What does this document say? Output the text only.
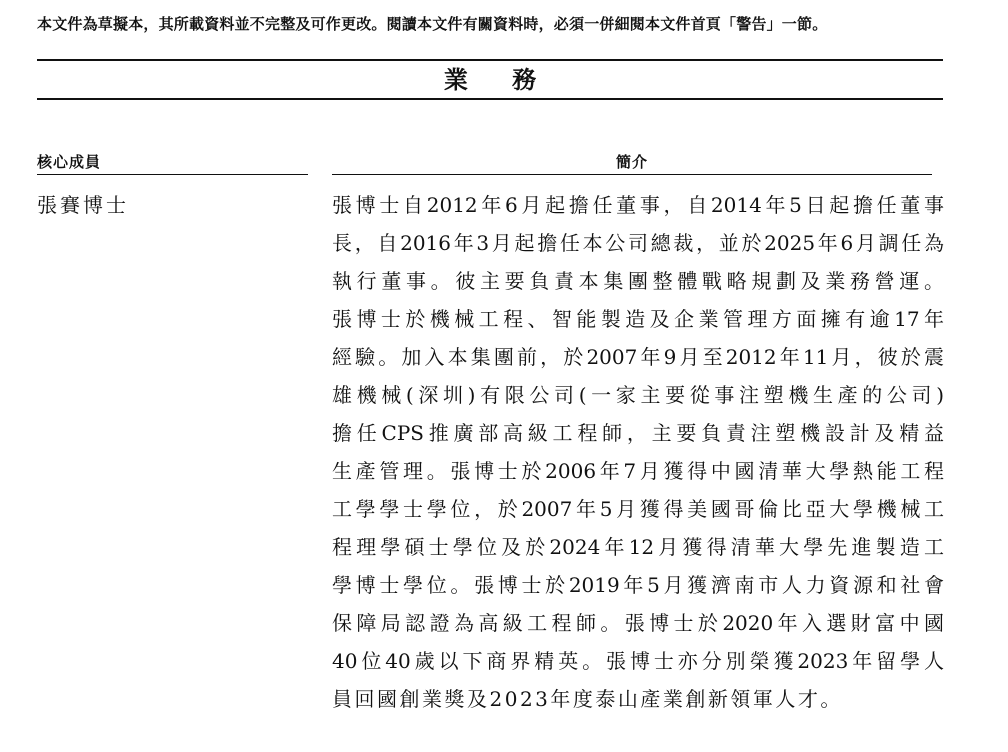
本文件為草擬本，其所載資料並不完整及可作更改。閱讀本文件有關資料時，必須一併細閱本文件首頁「警告」一節。
業 務
核心成員	簡介
張賽博士	張博士自2012年6月起擔任董事，自2014年5日起擔任董事
長，自2016年3月起擔任本公司總裁，並於2025年6月調任為
執行董事。彼主要負責本集團整體戰略規劃及業務營運。
張博士於機械工程、智能製造及企業管理方面擁有逾17年
經驗。加入本集團前，於2007年9月至2012年11月，彼於震
雄機械(深圳)有限公司(一家主要從事注塑機生產的公司)
擔任CPS推廣部高級工程師，主要負責注塑機設計及精益
生產管理。張博士於2006年7月獲得中國清華大學熱能工程
工學學士學位，於2007年5月獲得美國哥倫比亞大學機械工
程理學碩士學位及於2024年12月獲得清華大學先進製造工
學博士學位。張博士於2019年5月獲濟南市人力資源和社會
保障局認證為高級工程師。張博士於2020年入選財富中國
40位40歲以下商界精英。張博士亦分別榮獲2023年留學人
員回國創業獎及2023年度泰山產業創新領軍人才。
